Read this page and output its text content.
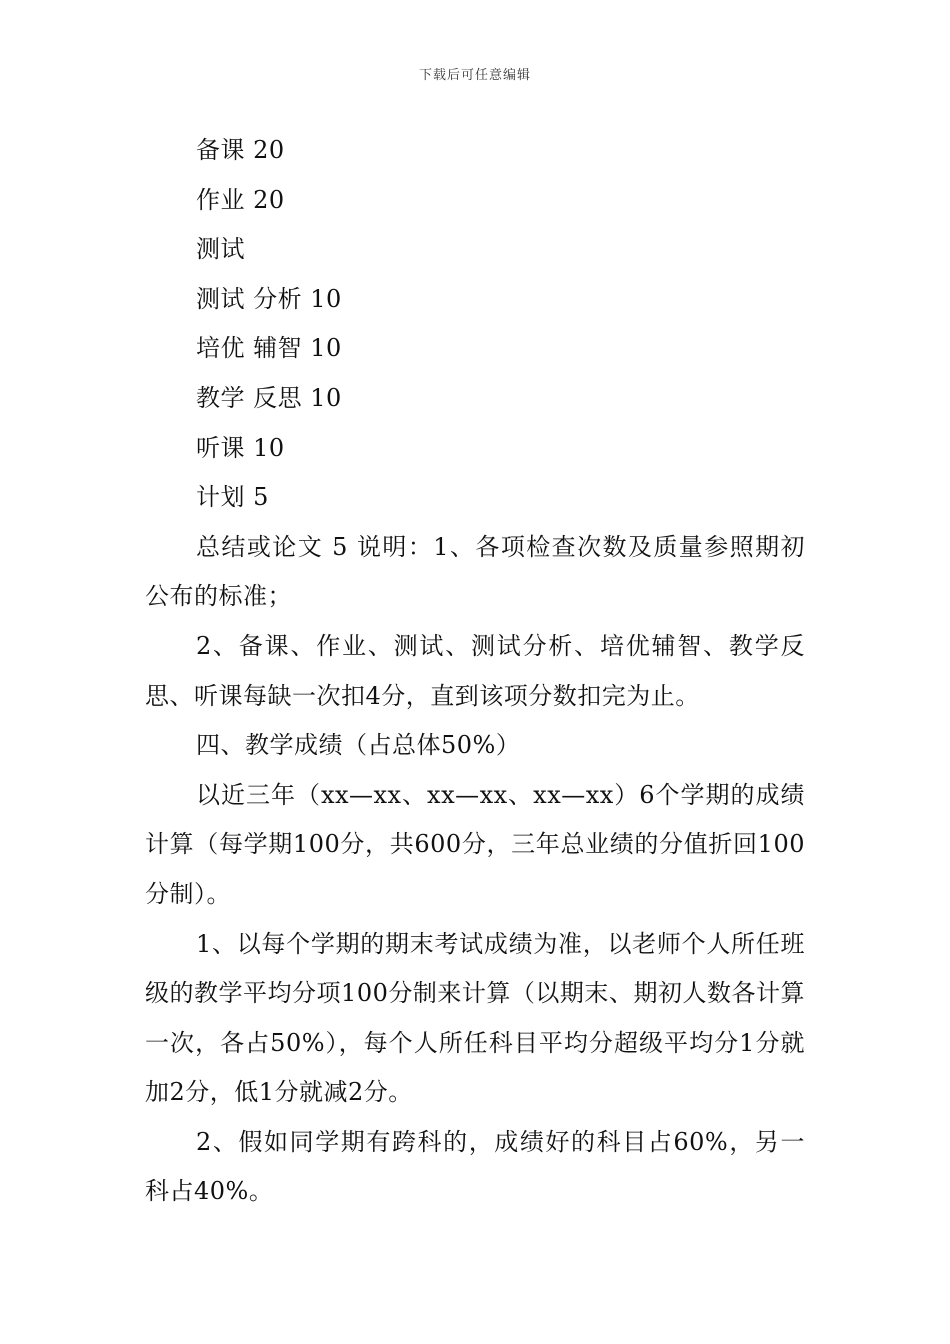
下载后可任意编辑

备课 20

作业 20

测试

测试 分析 10

培优 辅智 10

教学 反思 10

听课 10

计划 5

总结或论文 5 说明：1、各项检查次数及质量参照期初公布的标准；

2、备课、作业、测试、测试分析、培优辅智、教学反思、听课每缺一次扣4分，直到该项分数扣完为止。

四、教学成绩（占总体50%）

以近三年（xx—xx、xx—xx、xx—xx）6个学期的成绩计算（每学期100分，共600分，三年总业绩的分值折回100分制）。

1、以每个学期的期末考试成绩为准，以老师个人所任班级的教学平均分项100分制来计算（以期末、期初人数各计算一次，各占50%），每个人所任科目平均分超级平均分1分就加2分，低1分就减2分。

2、假如同学期有跨科的，成绩好的科目占60%，另一科占40%。
